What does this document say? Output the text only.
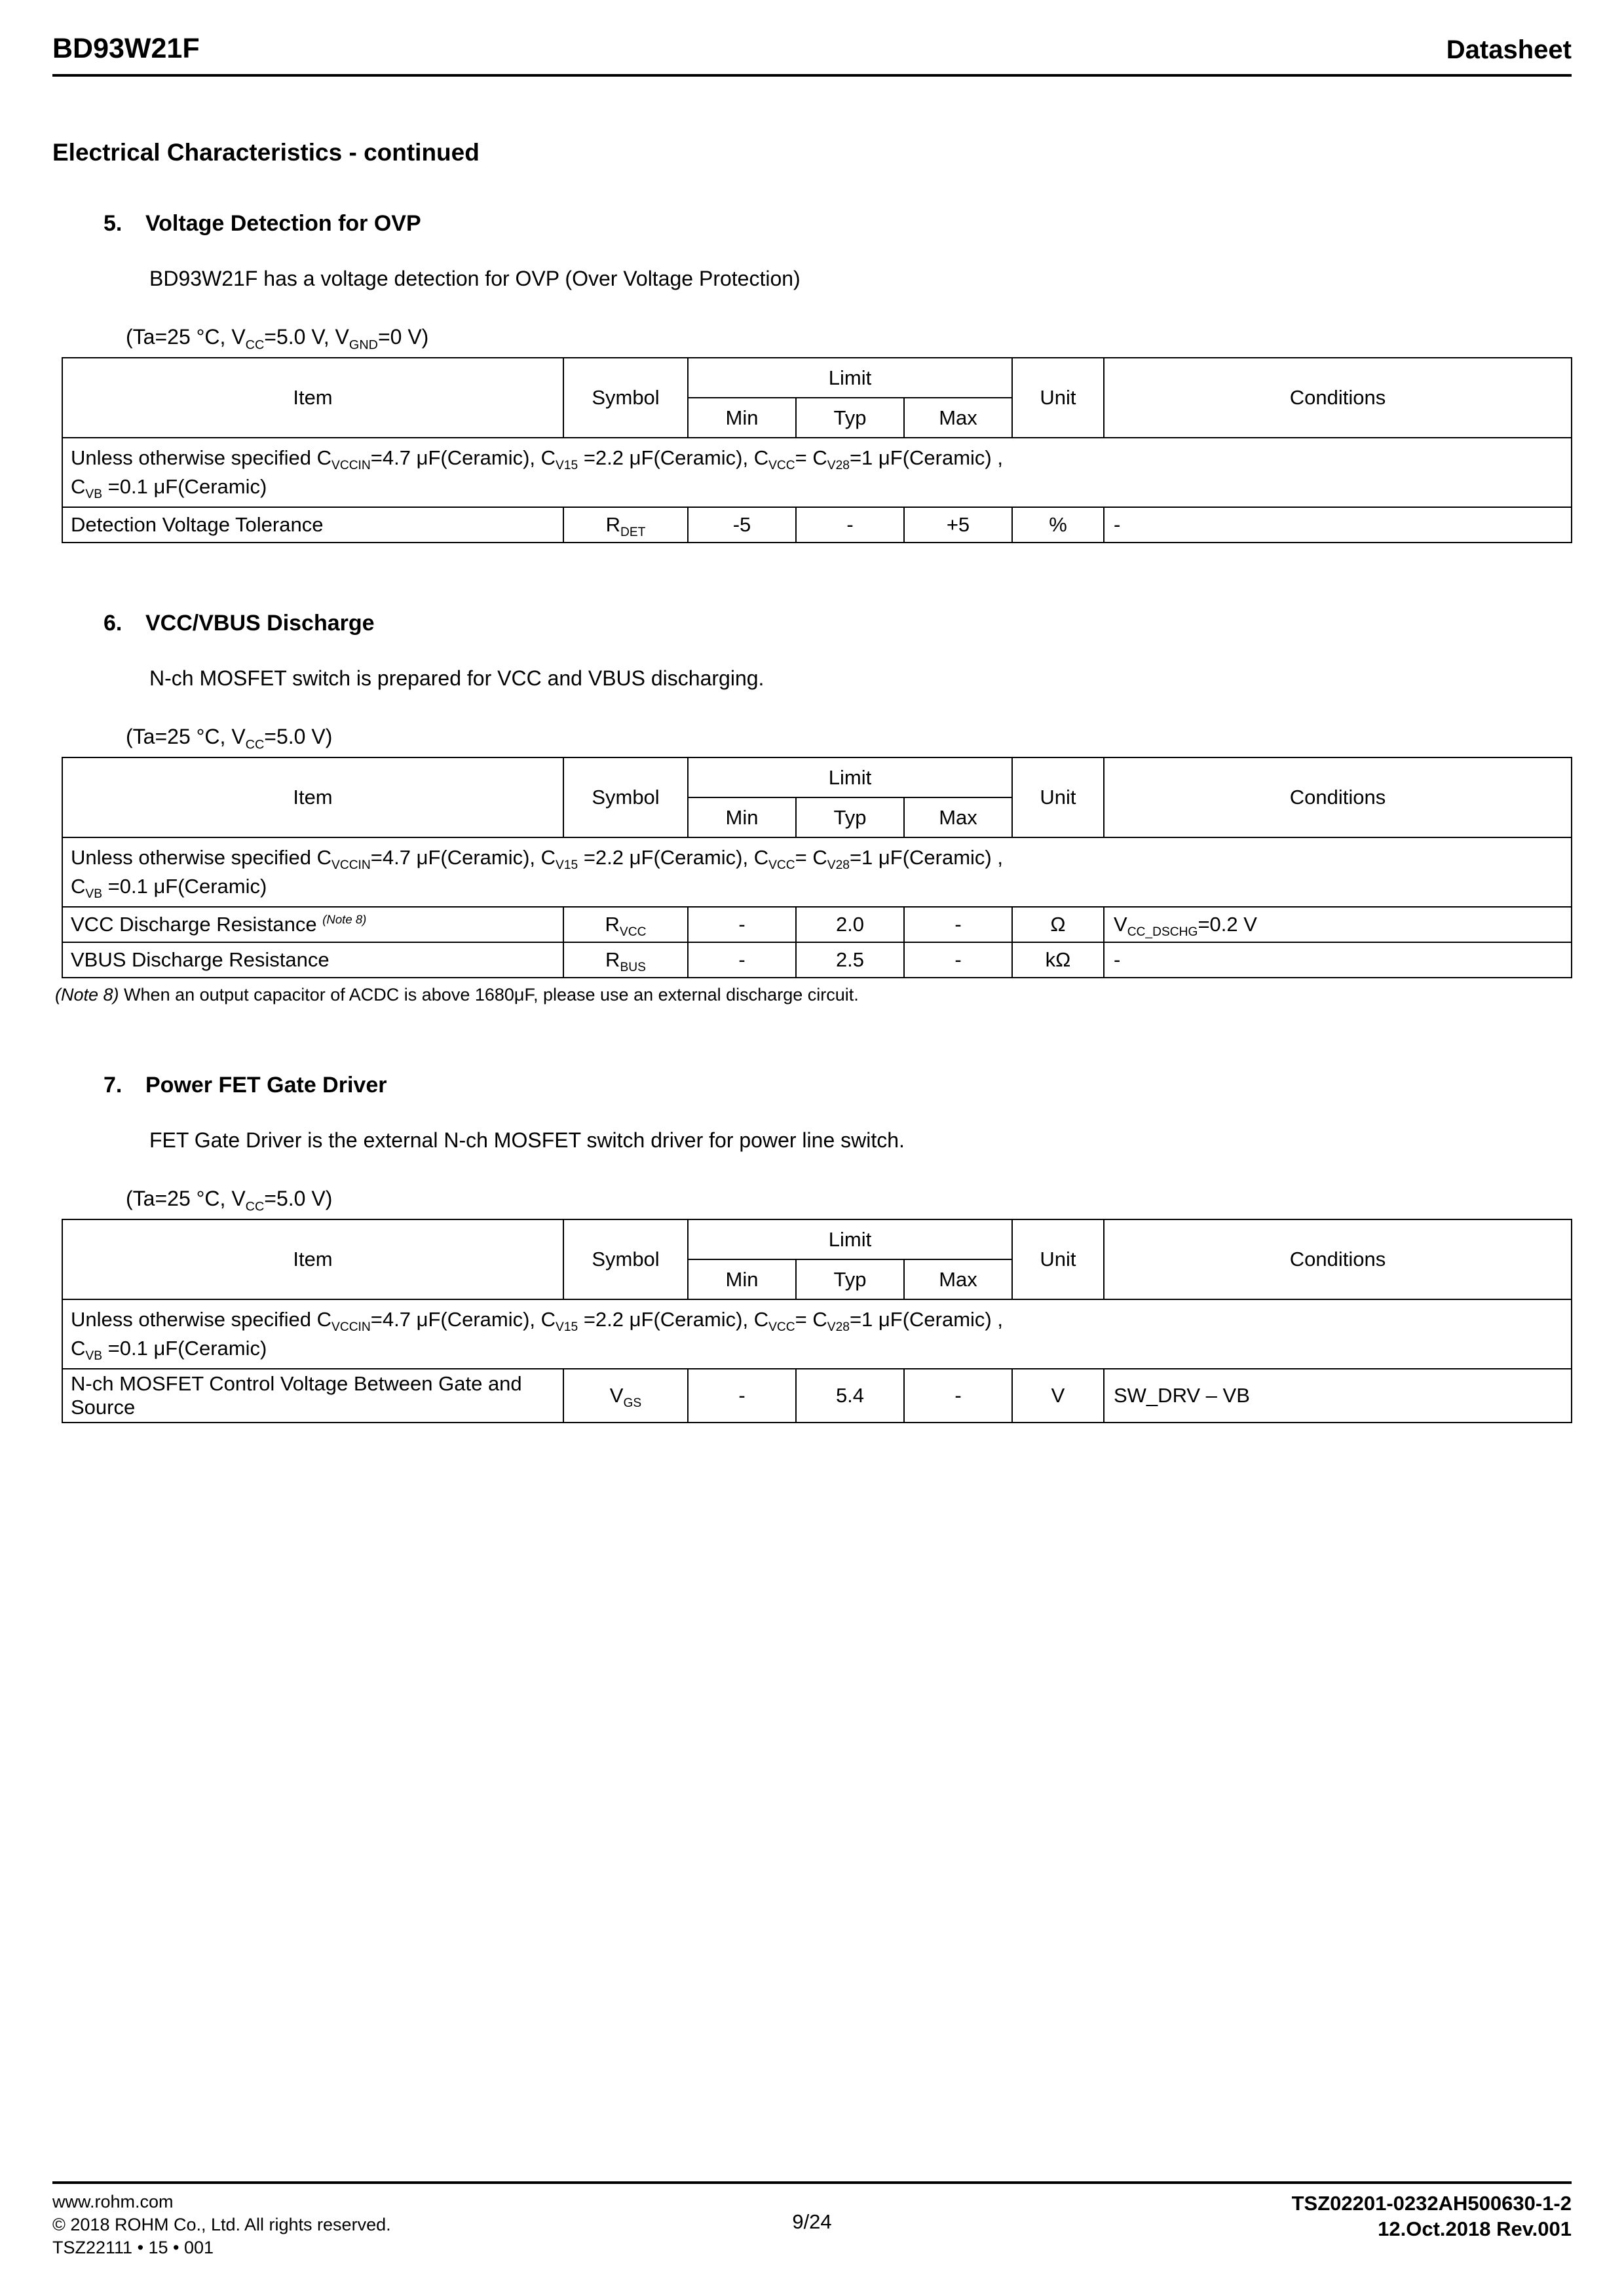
BD93W21F	Datasheet
Electrical Characteristics - continued
5.	Voltage Detection for OVP

BD93W21F has a voltage detection for OVP (Over Voltage Protection)

(Ta=25 °C, $V_{CC}=5.0$ V, $V_{GND}=0$ V)

Item	Symbol	Limit			Unit	Conditions
		Min	Typ	Max		

Unless otherwise specified $C_{VCCIN}=4.7$ μF(Ceramic), $C_{V15} =2.2$ μF(Ceramic), $C_{VCC}= C_{V28}=1$ μF(Ceramic) ,
$C_{VB} =0.1$ μF(Ceramic)						

Detection Voltage Tolerance	$R_{DET}$	-5	-	+5	%	-
6.	VCC/VBUS Discharge

N-ch MOSFET switch is prepared for VCC and VBUS discharging.

(Ta=25 °C, $V_{CC}=5.0$ V)

Item	Symbol	Limit			Unit	Conditions
		Min	Typ	Max		

Unless otherwise specified $C_{VCCIN}=4.7$ μF(Ceramic), $C_{V15} =2.2$ μF(Ceramic), $C_{VCC}= C_{V28}=1$ μF(Ceramic) ,
$C_{VB} =0.1$ μF(Ceramic)						

VCC Discharge Resistance $^{(Note 8)}$	$R_{VCC}$	-	2.0	-	Ω	$V_{CC\_DSCHG}=0.2$ V
VBUS Discharge Resistance	$R_{BUS}$	-	2.5	-	kΩ	-

(Note 8) When an output capacitor of ACDC is above 1680μF, please use an external discharge circuit.

7.	Power FET Gate Driver

FET Gate Driver is the external N-ch MOSFET switch driver for power line switch.

(Ta=25 °C, $V_{CC}=5.0$ V)

Item	Symbol	Limit			Unit	Conditions
		Min	Typ	Max		

Unless otherwise specified $C_{VCCIN}=4.7$ μF(Ceramic), $C_{V15} =2.2$ μF(Ceramic), $C_{VCC}= C_{V28}=1$ μF(Ceramic) ,
$C_{VB} =0.1$ μF(Ceramic)						

N-ch MOSFET Control Voltage Between Gate and Source	$V_{GS}$	-	5.4	-	V	SW_DRV – VB
www.rohm.com
© 2018 ROHM Co., Ltd. All rights reserved.
TSZ22111 • 15 • 001
9/24
TSZ02201-0232AH500630-1-2
12.Oct.2018 Rev.001
